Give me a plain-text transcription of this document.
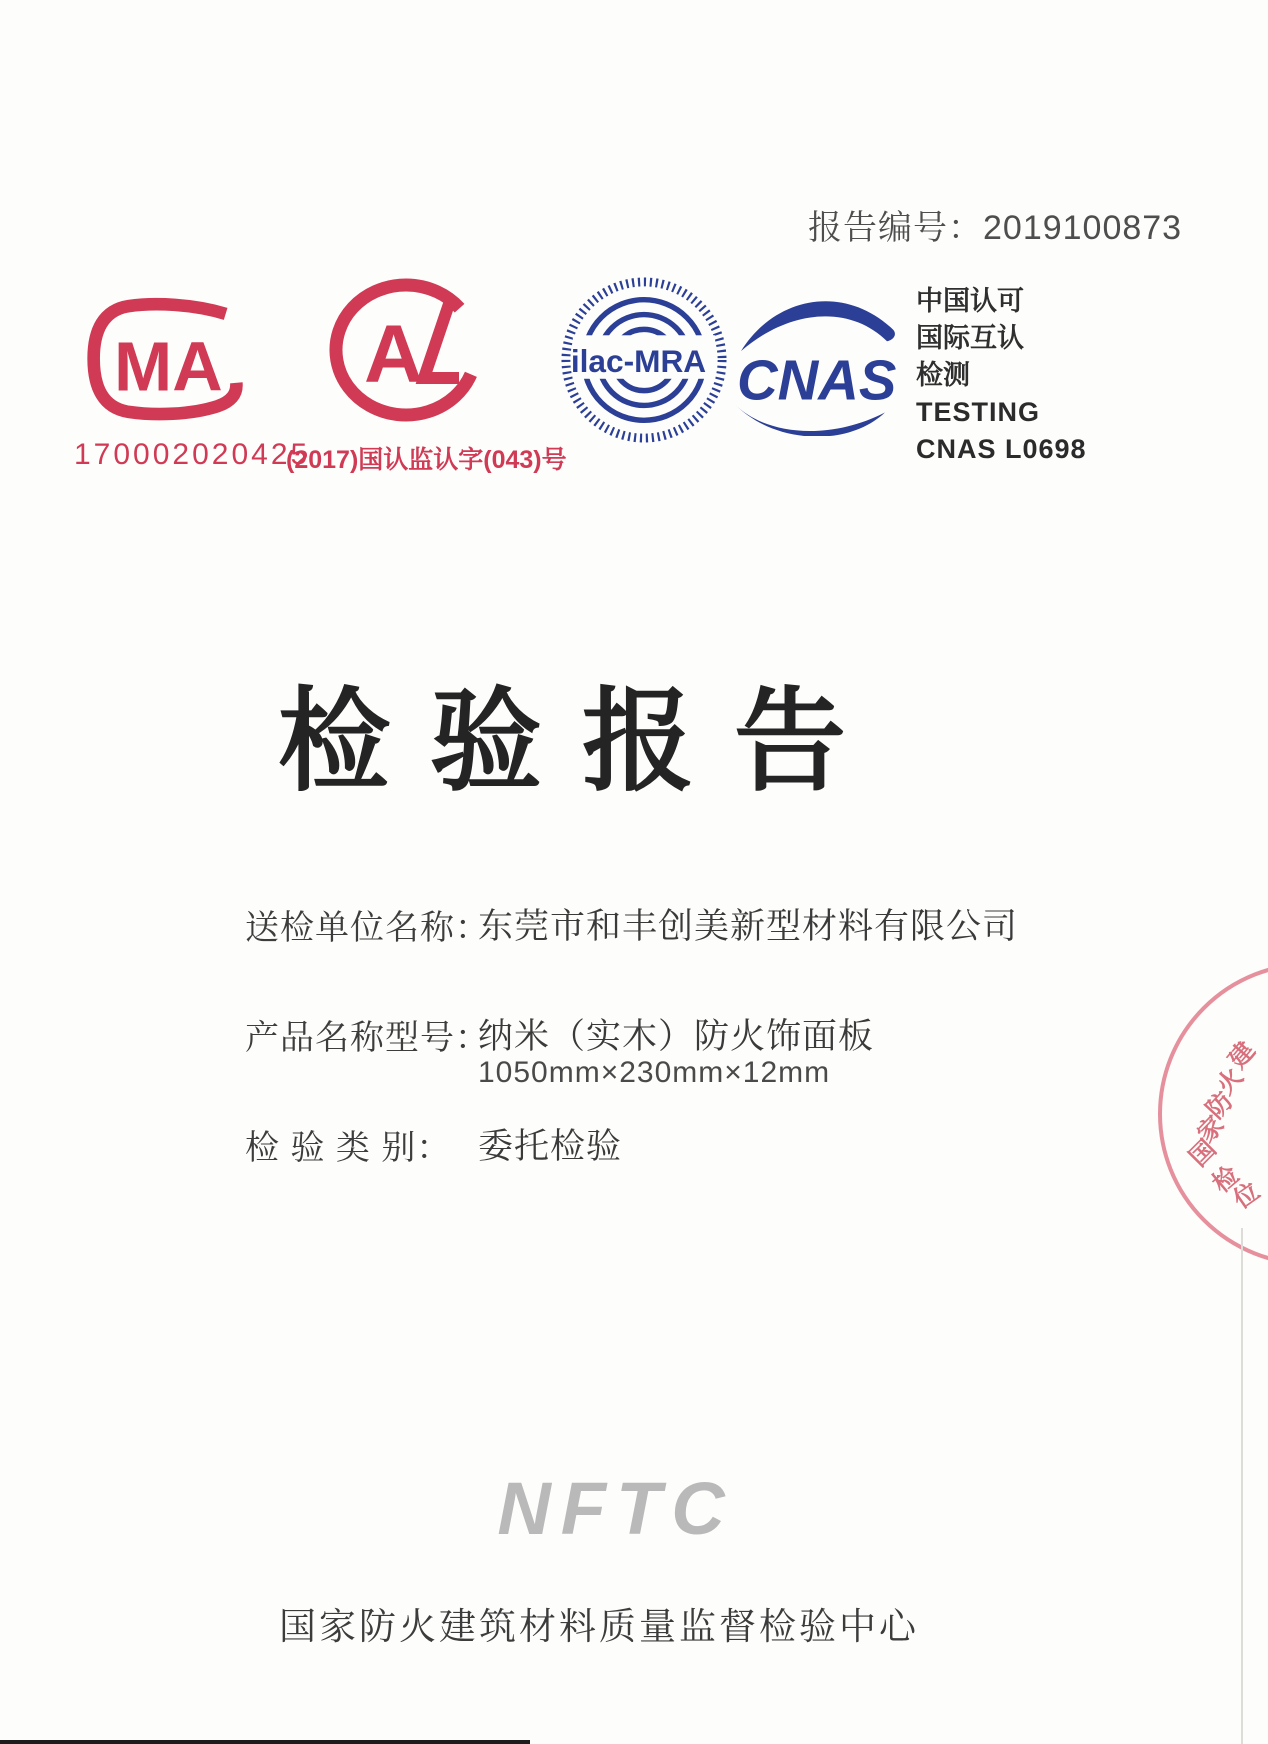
报告编号：2019100873
MA
170002020425
A
(2017)国认监认字(043)号
ilac-MRA CNAS
中国认可
国际互认
检测
TESTING
CNAS L0698
检验报告
送检单位名称：
东莞市和丰创美新型材料有限公司
产品名称型号：
纳米（实木）防火饰面板
1050mm×230mm×12mm
检 验 类 别： 委托检验
NFTC
国家防火建筑材料质量监督检验中心
建
火
防
家
国
检
位
